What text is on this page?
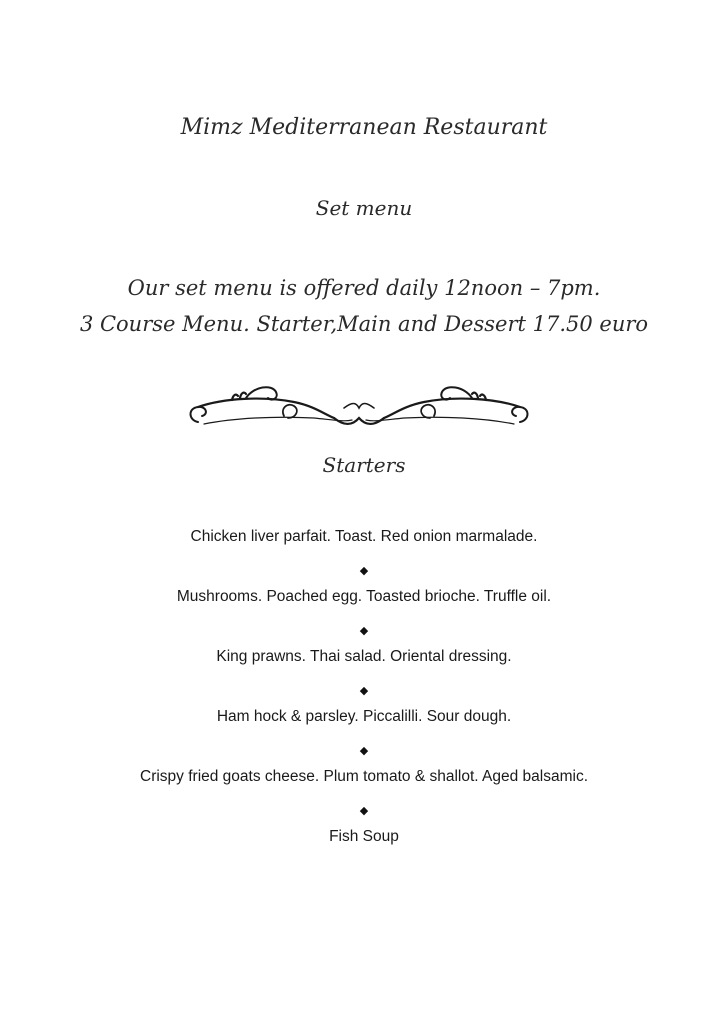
Mimz Mediterranean Restaurant
Set menu
Our set menu is offered daily 12noon – 7pm.
3 Course Menu. Starter,Main and Dessert 17.50 euro
Starters
Chicken liver parfait. Toast. Red onion marmalade.
◆
Mushrooms. Poached egg. Toasted brioche. Truffle oil.
◆
King prawns. Thai salad. Oriental dressing.
◆
Ham hock & parsley. Piccalilli. Sour dough.
◆
Crispy fried goats cheese. Plum tomato & shallot. Aged balsamic.
◆
Fish Soup
